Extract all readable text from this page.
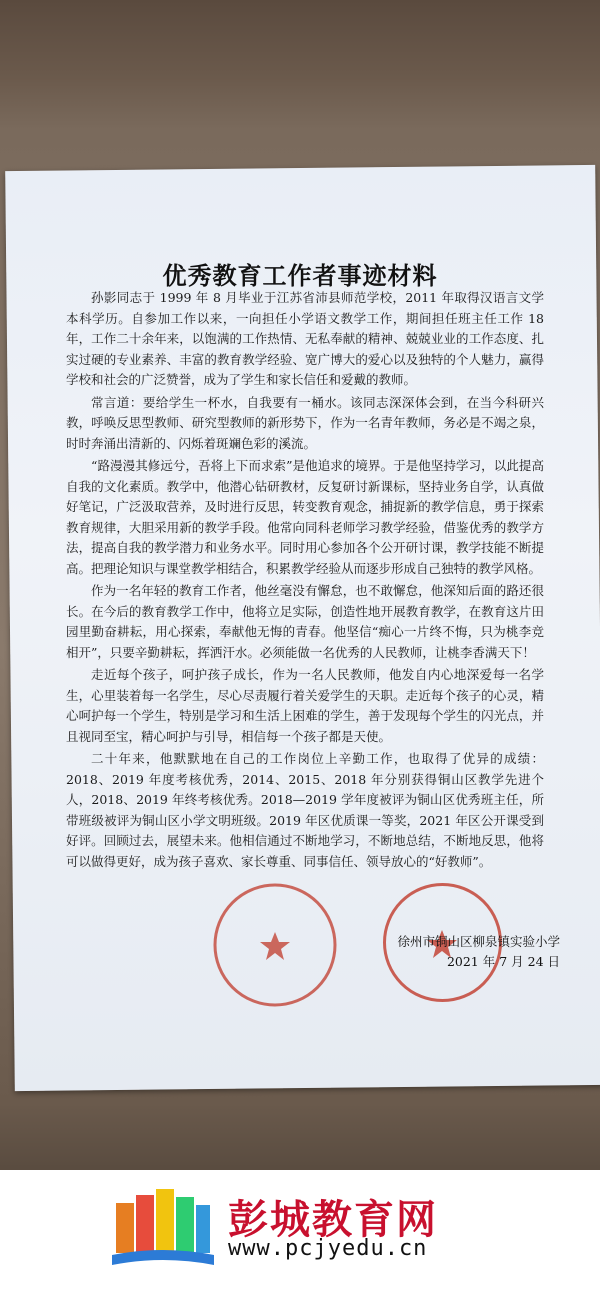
优秀教育工作者事迹材料

孙影同志于 1999 年 8 月毕业于江苏省沛县师范学校，2011 年取得汉语言文学本科学历。自参加工作以来，一向担任小学语文教学工作，期间担任班主任工作 18 年，工作二十余年来，以饱满的工作热情、无私奉献的精神、兢兢业业的工作态度、扎实过硬的专业素养、丰富的教育教学经验、宽广博大的爱心以及独特的个人魅力，赢得学校和社会的广泛赞誉，成为了学生和家长信任和爱戴的教师。

常言道：要给学生一杯水，自我要有一桶水。该同志深深体会到，在当今科研兴教，呼唤反思型教师、研究型教师的新形势下，作为一名青年教师，务必是不竭之泉，时时奔涌出清新的、闪烁着斑斓色彩的溪流。

“路漫漫其修远兮，吾将上下而求索”是他追求的境界。于是他坚持学习，以此提高自我的文化素质。教学中，他潜心钻研教材，反复研讨新课标，坚持业务自学，认真做好笔记，广泛汲取营养，及时进行反思，转变教育观念，捕捉新的教学信息，勇于探索教育规律，大胆采用新的教学手段。他常向同科老师学习教学经验，借鉴优秀的教学方法，提高自我的教学潜力和业务水平。同时用心参加各个公开研讨课，教学技能不断提高。把理论知识与课堂教学相结合，积累教学经验从而逐步形成自己独特的教学风格。

作为一名年轻的教育工作者，他丝毫没有懈怠，也不敢懈怠，他深知后面的路还很长。在今后的教育教学工作中，他将立足实际，创造性地开展教育教学，在教育这片田园里勤奋耕耘，用心探索，奉献他无悔的青春。他坚信“痴心一片终不悔，只为桃李竞相开”，只要辛勤耕耘，挥洒汗水。必须能做一名优秀的人民教师，让桃李香满天下！

走近每个孩子，呵护孩子成长，作为一名人民教师，他发自内心地深爱每一名学生，心里装着每一名学生，尽心尽责履行着关爱学生的天职。走近每个孩子的心灵，精心呵护每一个学生，特别是学习和生活上困难的学生，善于发现每个学生的闪光点，并且视同至宝，精心呵护与引导，相信每一个孩子都是天使。

二十年来，他默默地在自己的工作岗位上辛勤工作，也取得了优异的成绩：2018、2019 年度考核优秀，2014、2015、2018 年分别获得铜山区教学先进个人，2018、2019 年终考核优秀。2018—2019 学年度被评为铜山区优秀班主任，所带班级被评为铜山区小学文明班级。2019 年区优质课一等奖，2021 年区公开课受到好评。回顾过去，展望未来。他相信通过不断地学习，不断地总结，不断地反思，他将可以做得更好，成为孩子喜欢、家长尊重、同事信任、领导放心的“好教师”。

徐州市铜山区柳泉镇实验小学
2021 年 7 月 24 日
彭城教育网
www.pcjyedu.cn
